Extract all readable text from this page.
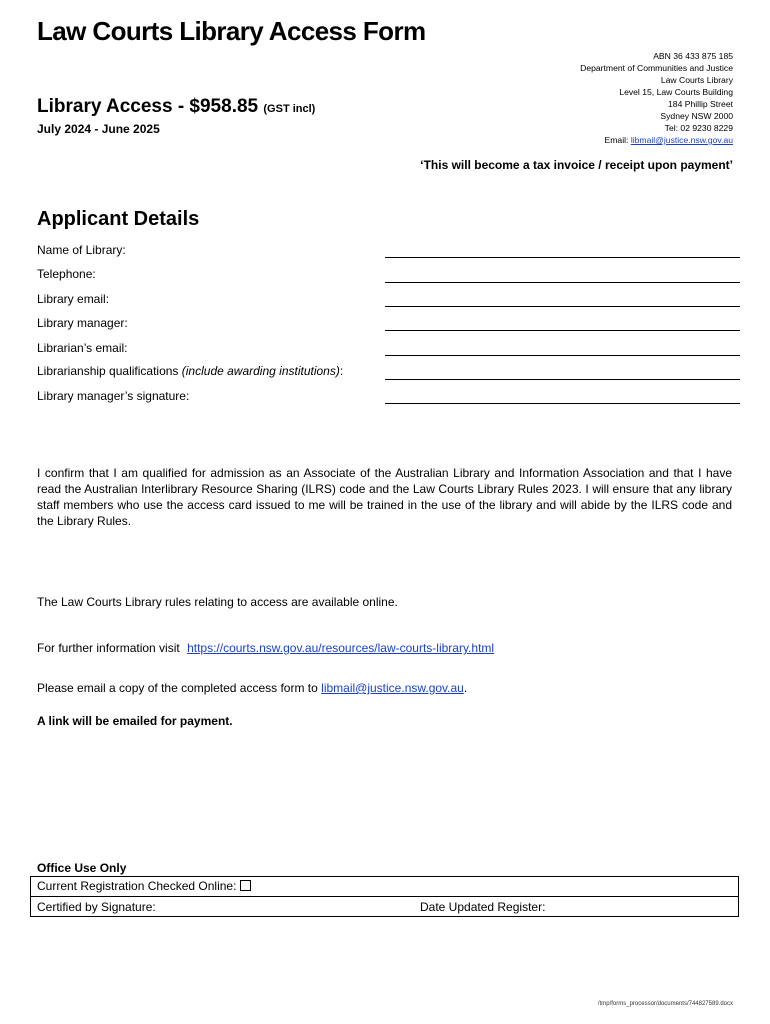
Law Courts Library Access Form
Library Access - $958.85 (GST incl)
July 2024 - June 2025
ABN 36 433 875 185
Department of Communities and Justice
Law Courts Library
Level 15, Law Courts Building
184 Phillip Street
Sydney NSW 2000
Tel: 02 9230 8229
Email: libmail@justice.nsw.gov.au
‘This will become a tax invoice / receipt upon payment’
Applicant Details
Name of Library:
Telephone:
Library email:
Library manager:
Librarian’s email:
Librarianship qualifications (include awarding institutions):
Library manager’s signature:
I confirm that I am qualified for admission as an Associate of the Australian Library and Information Association and that I have read the Australian Interlibrary Resource Sharing (ILRS) code and the Law Courts Library Rules 2023. I will ensure that any library staff members who use the access card issued to me will be trained in the use of the library and will abide by the ILRS code and the Library Rules.
The Law Courts Library rules relating to access are available online.
For further information visit https://courts.nsw.gov.au/resources/law-courts-library.html
Please email a copy of the completed access form to libmail@justice.nsw.gov.au.
A link will be emailed for payment.
Office Use Only
Current Registration Checked Online:
Certified by Signature:	Date Updated Register:
/tmp/forms_processor/documents/744827589.docx
